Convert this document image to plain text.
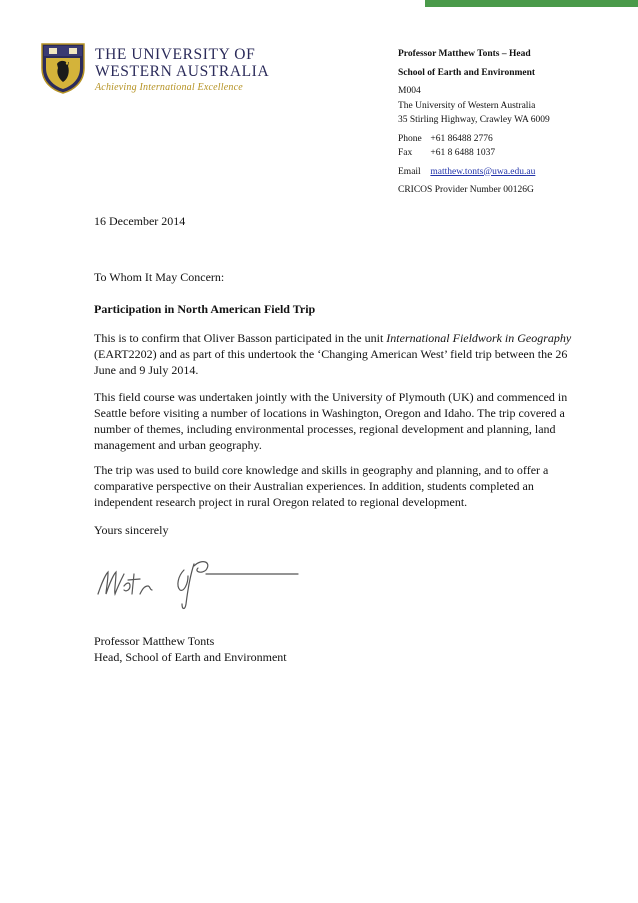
THE UNIVERSITY OF
WESTERN AUSTRALIA
Achieving International Excellence
Professor Matthew Tonts – Head
School of Earth and Environment
M004
The University of Western Australia
35 Stirling Highway, Crawley WA 6009
Phone +61 86488 2776
Fax +61 8 6488 1037
Email matthew.tonts@uwa.edu.au
CRICOS Provider Number 00126G

16 December 2014

To Whom It May Concern:

Participation in North American Field Trip

This is to confirm that Oliver Basson participated in the unit International Fieldwork in Geography (EART2202) and as part of this undertook the ‘Changing American West’ field trip between the 26 June and 9 July 2014.

This field course was undertaken jointly with the University of Plymouth (UK) and commenced in Seattle before visiting a number of locations in Washington, Oregon and Idaho. The trip covered a number of themes, including environmental processes, regional development and planning, land management and urban geography.

The trip was used to build core knowledge and skills in geography and planning, and to offer a comparative perspective on their Australian experiences. In addition, students completed an independent research project in rural Oregon related to regional development.

Yours sincerely

Professor Matthew Tonts

Head, School of Earth and Environment
